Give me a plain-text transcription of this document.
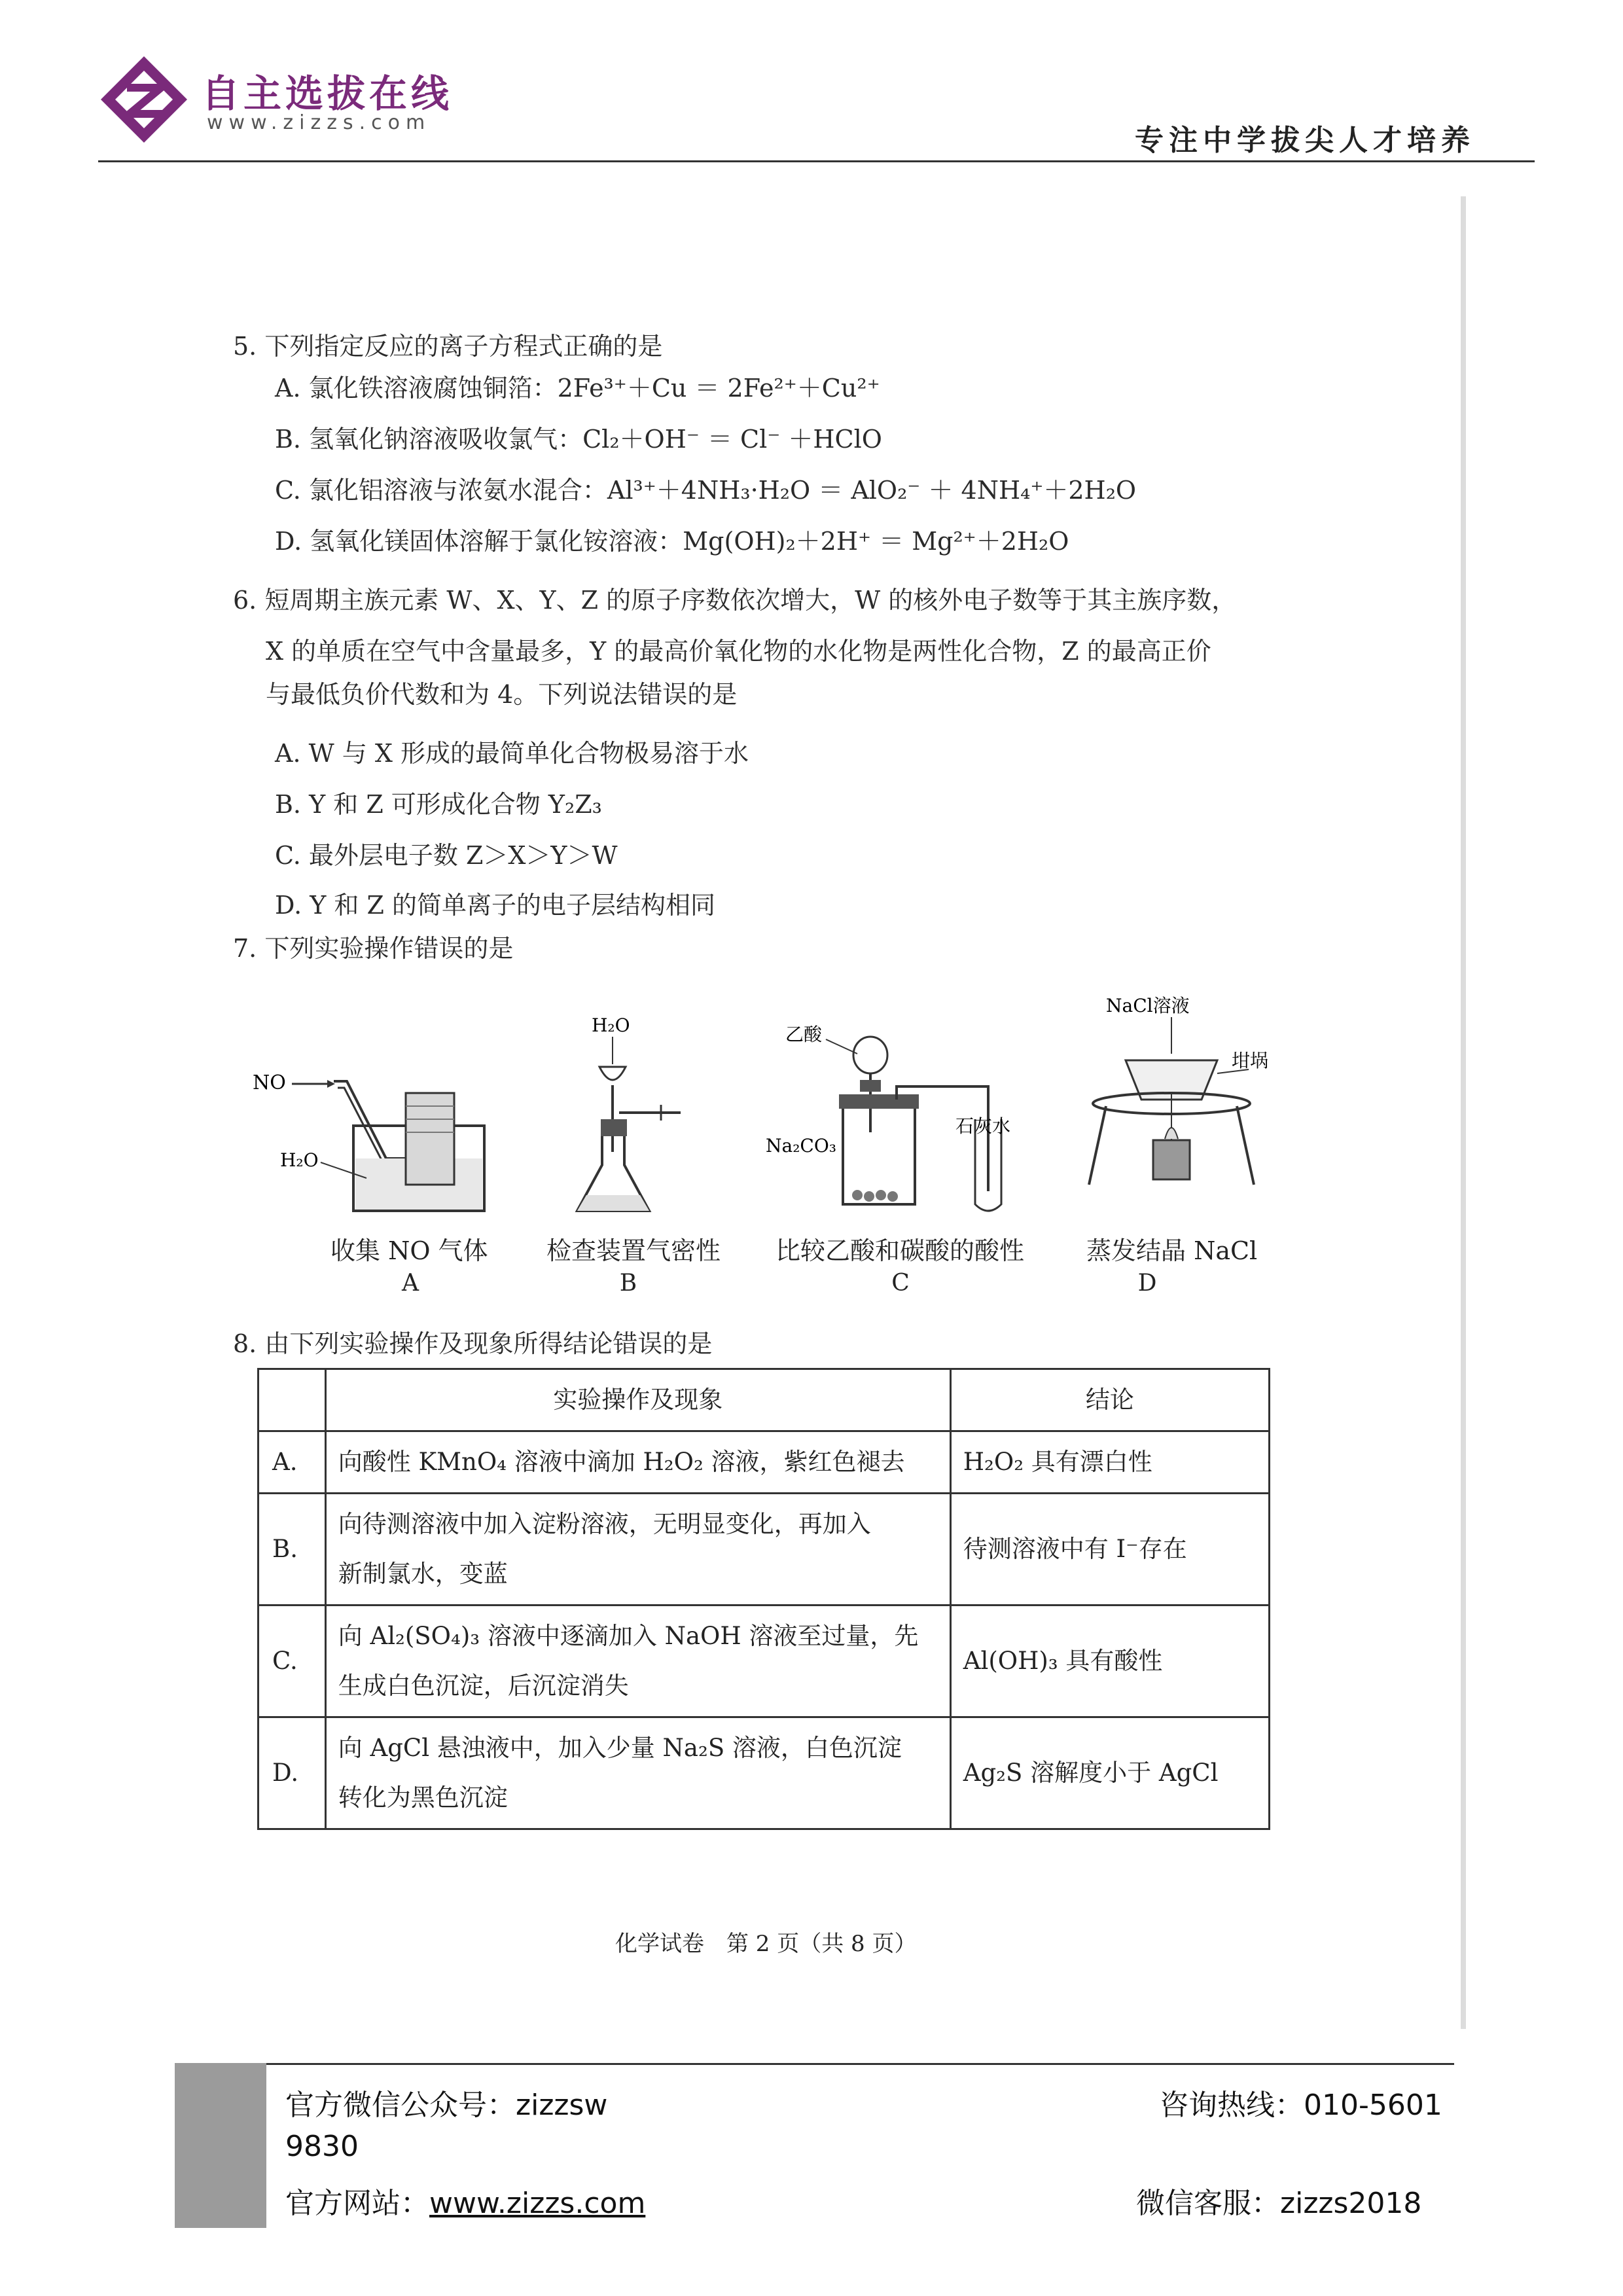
自主选拔在线
www.zizzs.com
专注中学拔尖人才培养
5. 下列指定反应的离子方程式正确的是
A. 氯化铁溶液腐蚀铜箔：2Fe³⁺＋Cu ＝ 2Fe²⁺＋Cu²⁺
B. 氢氧化钠溶液吸收氯气：Cl₂＋OH⁻ ＝ Cl⁻ ＋HClO
C. 氯化铝溶液与浓氨水混合：Al³⁺＋4NH₃·H₂O ＝ AlO₂⁻ ＋ 4NH₄⁺＋2H₂O
D. 氢氧化镁固体溶解于氯化铵溶液：Mg(OH)₂＋2H⁺ ＝ Mg²⁺＋2H₂O
6. 短周期主族元素 W、X、Y、Z 的原子序数依次增大，W 的核外电子数等于其主族序数，
X 的单质在空气中含量最多，Y 的最高价氧化物的水化物是两性化合物，Z 的最高正价
与最低负价代数和为 4。下列说法错误的是
A. W 与 X 形成的最简单化合物极易溶于水
B. Y 和 Z 可形成化合物 Y₂Z₃
C. 最外层电子数 Z＞X＞Y＞W
D. Y 和 Z 的简单离子的电子层结构相同
7. 下列实验操作错误的是
NO
H₂O
收集 NO 气体
A
H₂O
检查装置气密性
B
乙酸
Na₂CO₃
石灰水
比较乙酸和碳酸的酸性
C
NaCl溶液
坩埚
蒸发结晶 NaCl
D
8. 由下列实验操作及现象所得结论错误的是
	实验操作及现象	结论
A.	向酸性 KMnO₄ 溶液中滴加 H₂O₂ 溶液，紫红色褪去	H₂O₂ 具有漂白性
B.	向待测溶液中加入淀粉溶液，无明显变化，再加入
新制氯水，变蓝	待测溶液中有 I⁻存在
C.	向 Al₂(SO₄)₃ 溶液中逐滴加入 NaOH 溶液至过量，先
生成白色沉淀，后沉淀消失	Al(OH)₃ 具有酸性
D.	向 AgCl 悬浊液中，加入少量 Na₂S 溶液，白色沉淀
转化为黑色沉淀	Ag₂S 溶解度小于 AgCl
化学试卷　第 2 页（共 8 页）
官方微信公众号：zizzsw
9830
官方网站：www.zizzs.com
咨询热线：010-5601
微信客服：zizzs2018
